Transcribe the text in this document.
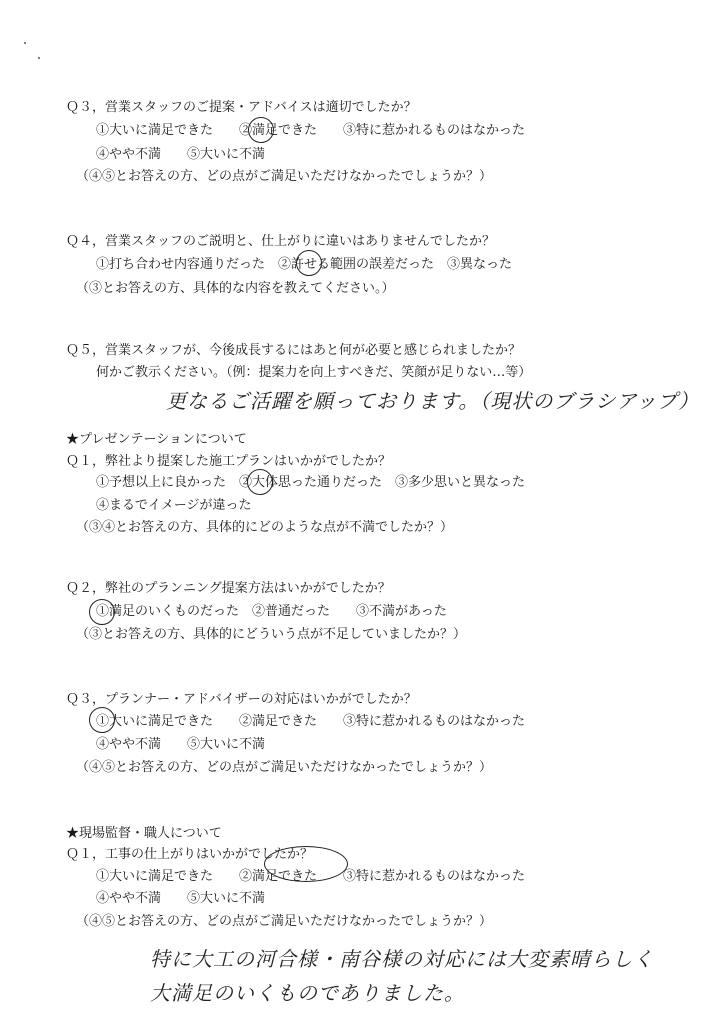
Ｑ３，営業スタッフのご提案・アドバイスは適切でしたか？
①大いに満足できた　　②満足できた　　③特に惹かれるものはなかった
④やや不満　　⑤大いに不満
（④⑤とお答えの方、どの点がご満足いただけなかったでしょうか？）
Ｑ４，営業スタッフのご説明と、仕上がりに違いはありませんでしたか？
①打ち合わせ内容通りだった　②許せる範囲の誤差だった　③異なった
（③とお答えの方、具体的な内容を教えてください。）
Ｑ５，営業スタッフが、今後成長するにはあと何が必要と感じられましたか？
何かご教示ください。（例：提案力を向上すべきだ、笑顔が足りない…等）
更なるご活躍を願っております。（現状のブラシアップ）
★プレゼンテーションについて
Ｑ１，弊社より提案した施工プランはいかがでしたか？
①予想以上に良かった　②大体思った通りだった　③多少思いと異なった
④まるでイメージが違った
（③④とお答えの方、具体的にどのような点が不満でしたか？）
Ｑ２，弊社のプランニング提案方法はいかがでしたか？
①満足のいくものだった　②普通だった　　③不満があった
（③とお答えの方、具体的にどういう点が不足していましたか？）
Ｑ３，プランナー・アドバイザーの対応はいかがでしたか？
①大いに満足できた　　②満足できた　　③特に惹かれるものはなかった
④やや不満　　⑤大いに不満
（④⑤とお答えの方、どの点がご満足いただけなかったでしょうか？）
★現場監督・職人について
Ｑ１，工事の仕上がりはいかがでしたか？
①大いに満足できた　　②満足できた　　③特に惹かれるものはなかった
④やや不満　　⑤大いに不満
（④⑤とお答えの方、どの点がご満足いただけなかったでしょうか？）
特に大工の河合様・南谷様の対応には大変素晴らしく
大満足のいくものでありました。
